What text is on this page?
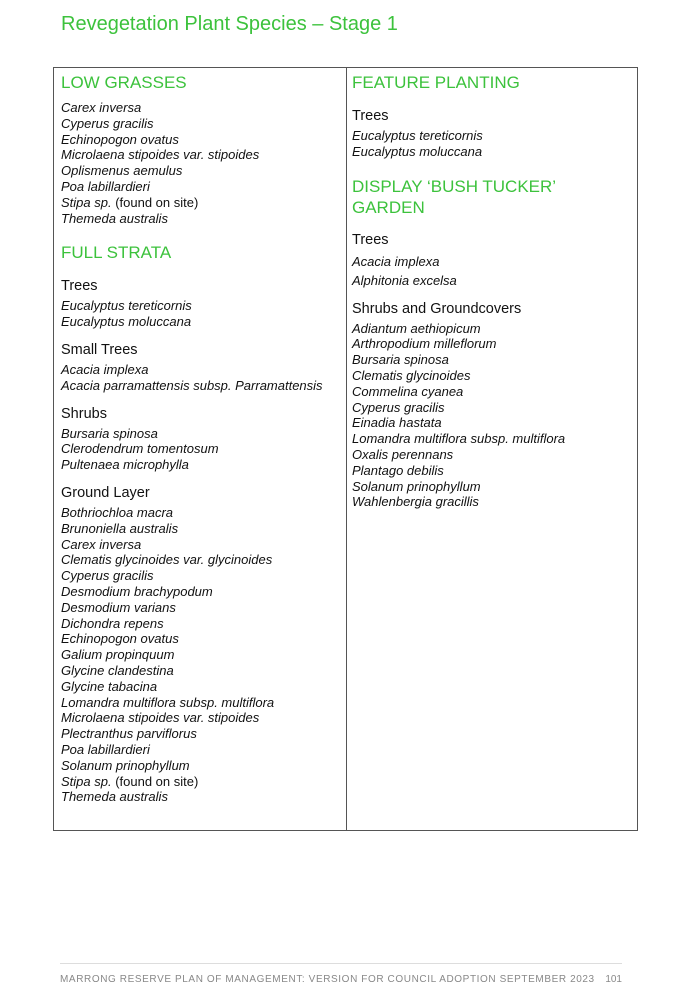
Revegetation Plant Species – Stage 1
LOW GRASSES
Carex inversa
Cyperus gracilis
Echinopogon ovatus
Microlaena stipoides var. stipoides
Oplismenus aemulus
Poa labillardieri
Stipa sp. (found on site)
Themeda australis
FULL STRATA
Trees
Eucalyptus tereticornis
Eucalyptus moluccana
Small Trees
Acacia implexa
Acacia parramattensis subsp. Parramattensis
Shrubs
Bursaria spinosa
Clerodendrum tomentosum
Pultenaea microphylla
Ground Layer
Bothriochloa macra
Brunoniella australis
Carex inversa
Clematis glycinoides var. glycinoides
Cyperus gracilis
Desmodium brachypodum
Desmodium varians
Dichondra repens
Echinopogon ovatus
Galium propinquum
Glycine clandestina
Glycine tabacina
Lomandra multiflora subsp. multiflora
Microlaena stipoides var. stipoides
Plectranthus parviflorus
Poa labillardieri
Solanum prinophyllum
Stipa sp. (found on site)
Themeda australis
FEATURE PLANTING
Trees
Eucalyptus tereticornis
Eucalyptus moluccana
DISPLAY ‘BUSH TUCKER’
GARDEN
Trees
Acacia implexa
Alphitonia excelsa
Shrubs and Groundcovers
Adiantum aethiopicum
Arthropodium milleflorum
Bursaria spinosa
Clematis glycinoides
Commelina cyanea
Cyperus gracilis
Einadia hastata
Lomandra multiflora subsp. multiflora
Oxalis perennans
Plantago debilis
Solanum prinophyllum
Wahlenbergia gracillis
MARRONG RESERVE PLAN OF MANAGEMENT: VERSION FOR COUNCIL ADOPTION SEPTEMBER 2023 101
